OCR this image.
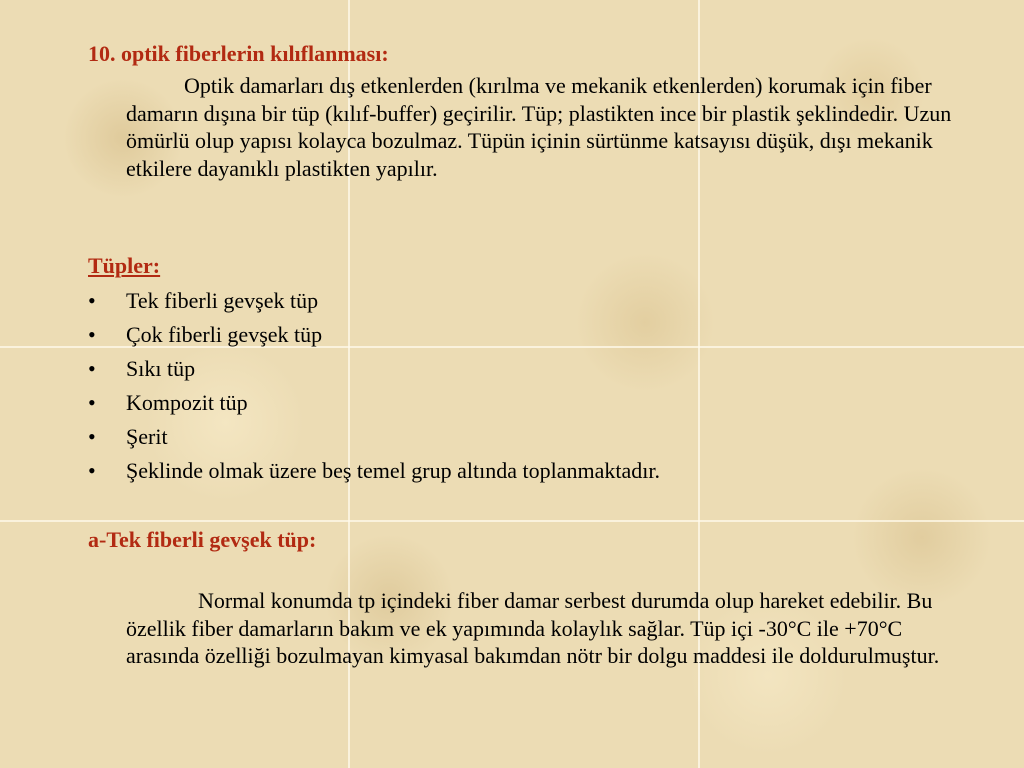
10. optik fiberlerin kılıflanması:

Optik damarları dış etkenlerden (kırılma ve mekanik etkenlerden) korumak için fiber damarın dışına bir tüp (kılıf-buffer) geçirilir. Tüp; plastikten ince bir plastik şeklindedir. Uzun ömürlü olup yapısı kolayca bozulmaz. Tüpün içinin sürtünme katsayısı düşük, dışı mekanik etkilere dayanıklı plastikten yapılır.

Tüpler:
• Tek fiberli gevşek tüp
• Çok fiberli gevşek tüp
• Sıkı tüp
• Kompozit tüp
• Şerit
• Şeklinde olmak üzere beş temel grup altında toplanmaktadır.
a-Tek fiberli gevşek tüp:

Normal konumda tp içindeki fiber damar serbest durumda olup hareket edebilir. Bu özellik fiber damarların bakım ve ek yapımında kolaylık sağlar. Tüp içi -30°C ile +70°C arasında özelliği bozulmayan kimyasal bakımdan nötr bir dolgu maddesi ile doldurulmuştur.
